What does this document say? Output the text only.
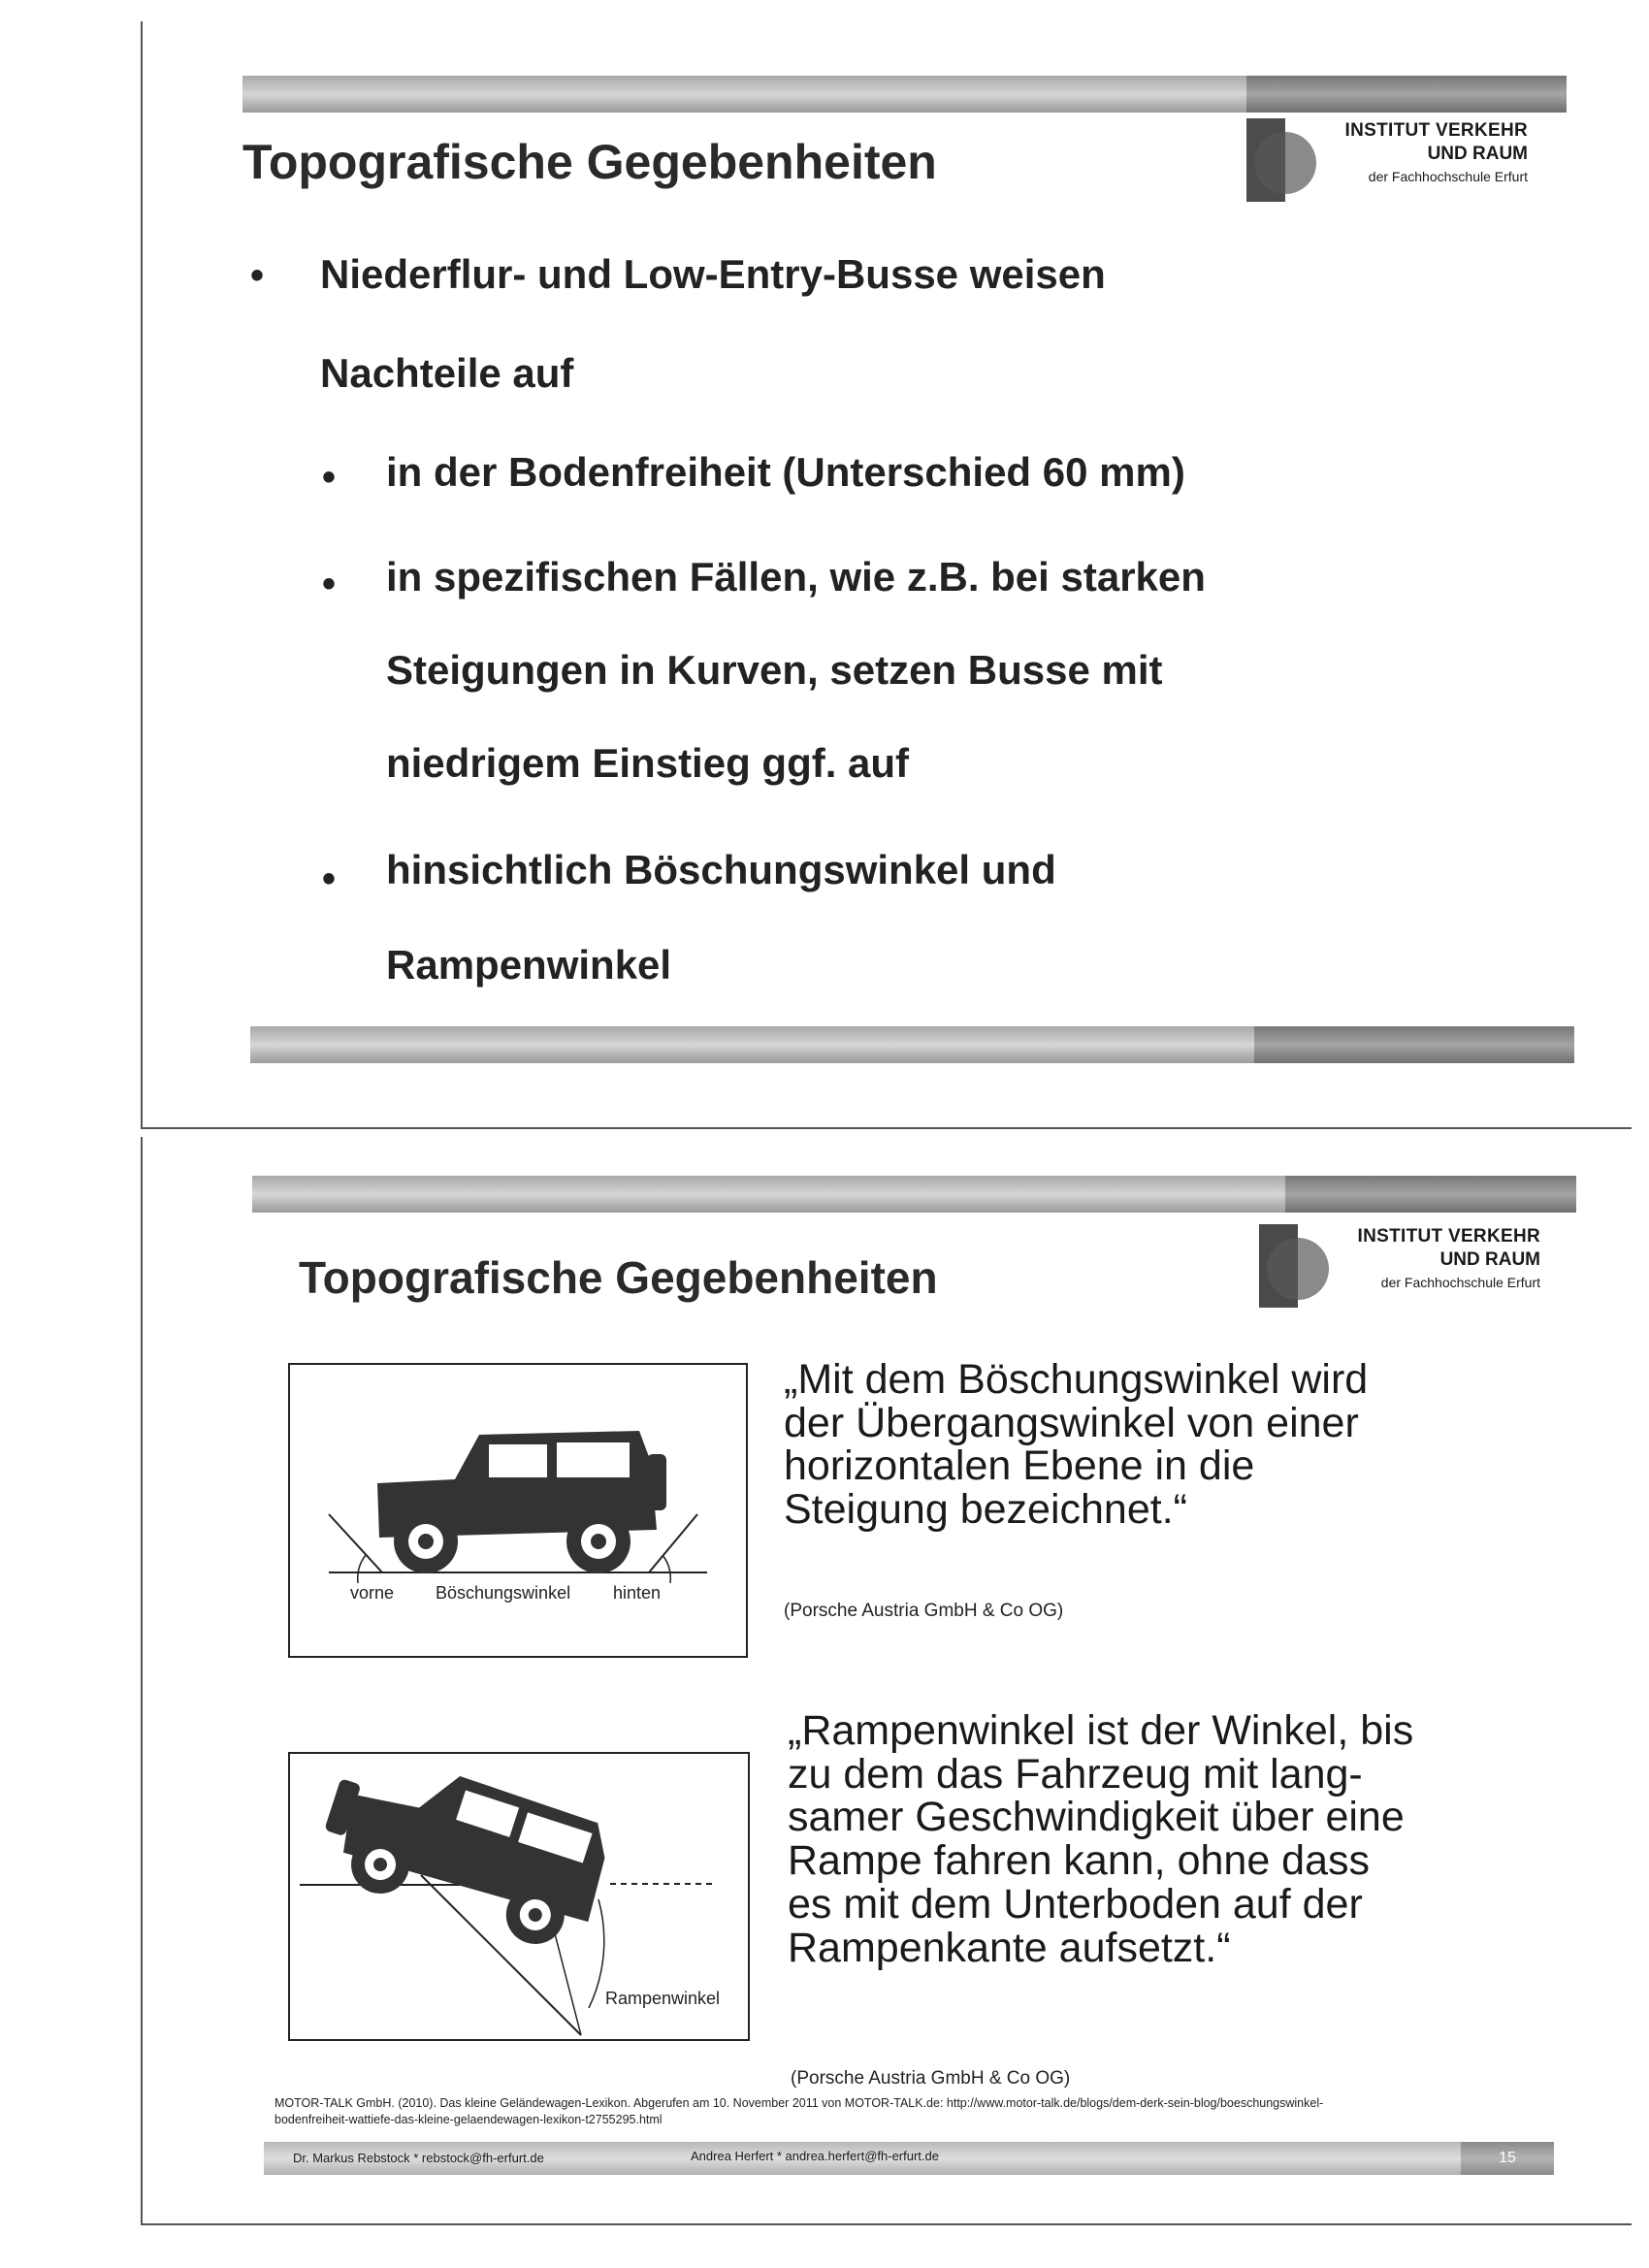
INSTITUT VERKEHR
UND RAUM
der Fachhochschule Erfurt
Topografische Gegebenheiten
• Niederflur- und Low-Entry-Busse weisen
Nachteile auf
• in der Bodenfreiheit (Unterschied 60 mm)
• in spezifischen Fällen, wie z.B. bei starken
Steigungen in Kurven, setzen Busse mit
niedrigem Einstieg ggf. auf
• hinsichtlich Böschungswinkel und
Rampenwinkel
INSTITUT VERKEHR
UND RAUM
der Fachhochschule Erfurt
Topografische Gegebenheiten
vorne Böschungswinkel hinten
Rampenwinkel
„Mit dem Böschungswinkel wird
der Übergangswinkel von einer
horizontalen Ebene in die
Steigung bezeichnet.“
(Porsche Austria GmbH & Co OG)
„Rampenwinkel ist der Winkel, bis
zu dem das Fahrzeug mit lang-
samer Geschwindigkeit über eine
Rampe fahren kann, ohne dass
es mit dem Unterboden auf der
Rampenkante aufsetzt.“
(Porsche Austria GmbH & Co OG)
MOTOR-TALK GmbH. (2010). Das kleine Geländewagen-Lexikon. Abgerufen am 10. November 2011 von MOTOR-TALK.de: http://www.motor-talk.de/blogs/dem-derk-sein-blog/boeschungswinkel-
bodenfreiheit-wattiefe-das-kleine-gelaendewagen-lexikon-t2755295.html
Dr. Markus Rebstock * rebstock@fh-erfurt.de	Andrea Herfert * andrea.herfert@fh-erfurt.de	15
